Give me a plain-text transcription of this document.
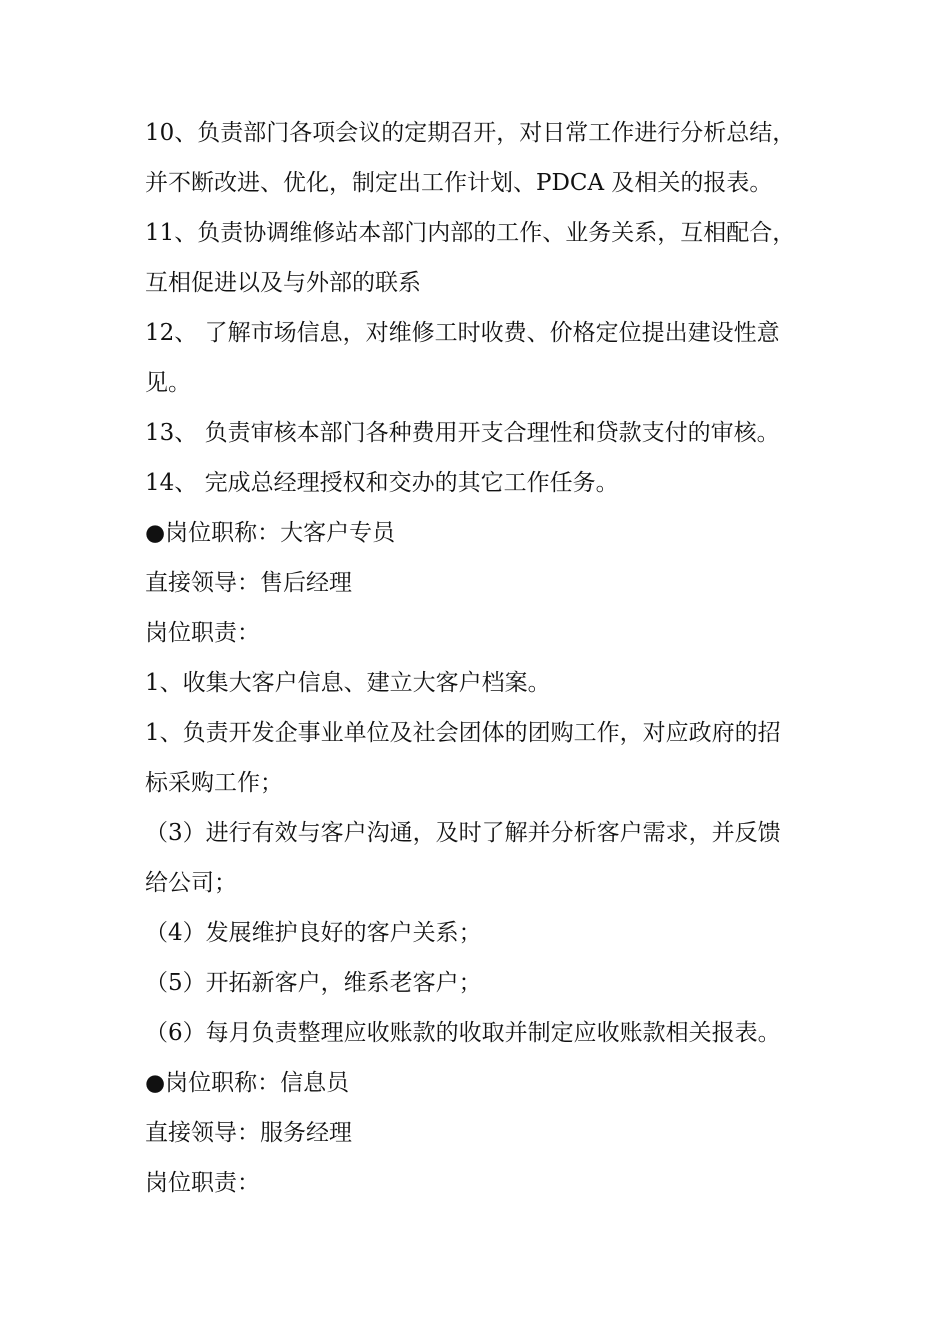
10、负责部门各项会议的定期召开，对日常工作进行分析总结，
并不断改进、优化，制定出工作计划、PDCA 及相关的报表。
11、负责协调维修站本部门内部的工作、业务关系，互相配合，
互相促进以及与外部的联系
12、 了解市场信息，对维修工时收费、价格定位提出建设性意
见。
13、 负责审核本部门各种费用开支合理性和贷款支付的审核。
14、 完成总经理授权和交办的其它工作任务。
●岗位职称：大客户专员
直接领导：售后经理
岗位职责：
1、收集大客户信息、建立大客户档案。
1、负责开发企事业单位及社会团体的团购工作，对应政府的招
标采购工作；
（3）进行有效与客户沟通，及时了解并分析客户需求，并反馈
给公司；
（4）发展维护良好的客户关系；
（5）开拓新客户，维系老客户；
（6）每月负责整理应收账款的收取并制定应收账款相关报表。
●岗位职称：信息员
直接领导：服务经理
岗位职责：
